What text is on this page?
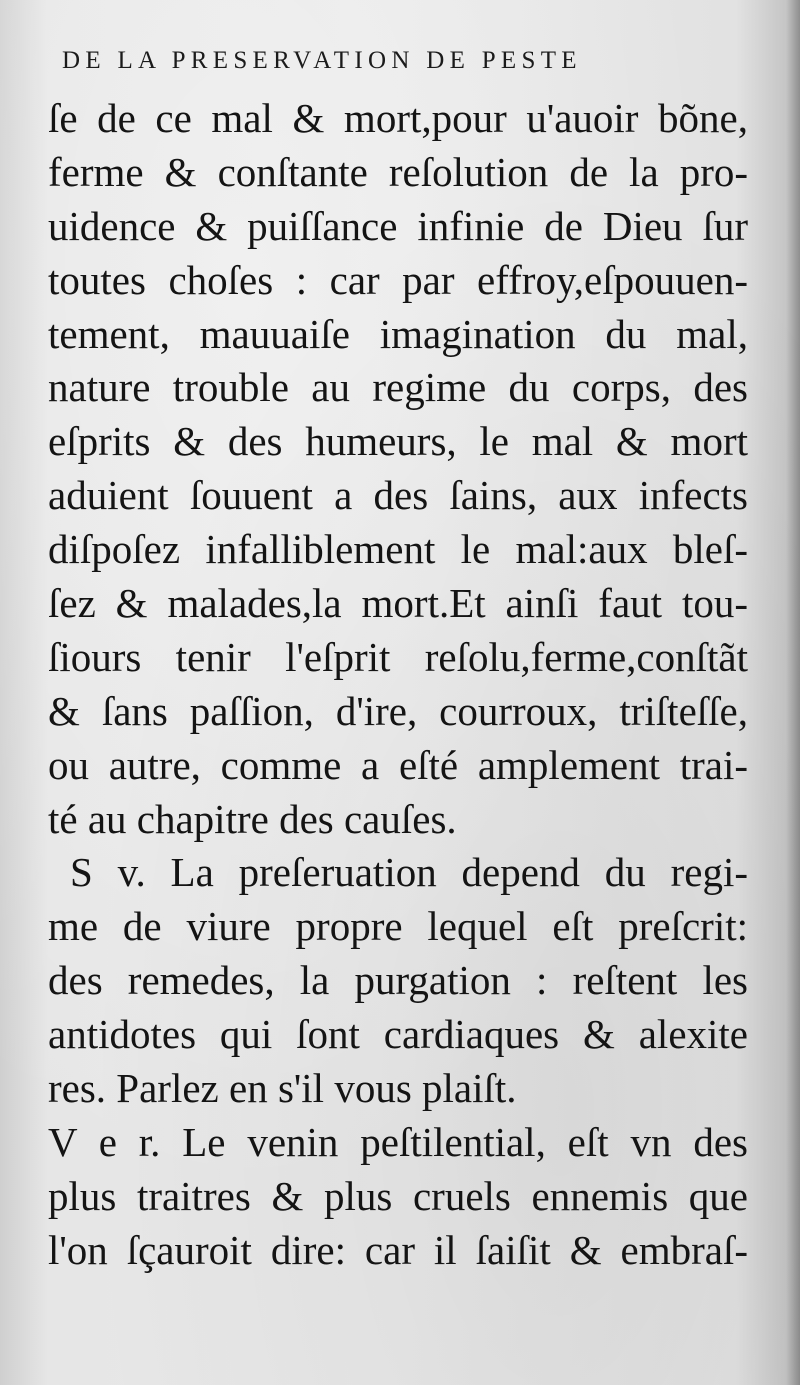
DE LA PRESERVATION DE PESTE
ſe de ce mal & mort,pour u'auoir bõne,
ferme & conſtante reſolution de la pro-
uidence & puiſſance infinie de Dieu ſur
toutes choſes : car par effroy,eſpouuen-
tement, mauuaiſe imagination du mal,
nature trouble au regime du corps, des
eſprits & des humeurs, le mal & mort
aduient ſouuent a des ſains, aux infects
diſpoſez infalliblement le mal:aux bleſ-
ſez & malades,la mort.Et ainſi faut tou-
ſiours tenir l'eſprit reſolu,ferme,conſtãt
& ſans paſſion, d'ire, courroux, triſteſſe,
ou autre, comme a eſté amplement trai-
té au chapitre des cauſes.
S v. La preſeruation depend du regi-
me de viure propre lequel eſt preſcrit:
des remedes, la purgation : reſtent les
antidotes qui ſont cardiaques & alexite
res. Parlez en s'il vous plaiſt.
V e r. Le venin peſtilential, eſt vn des
plus traitres & plus cruels ennemis que
l'on ſçauroit dire: car il ſaiſit & embraſ-
